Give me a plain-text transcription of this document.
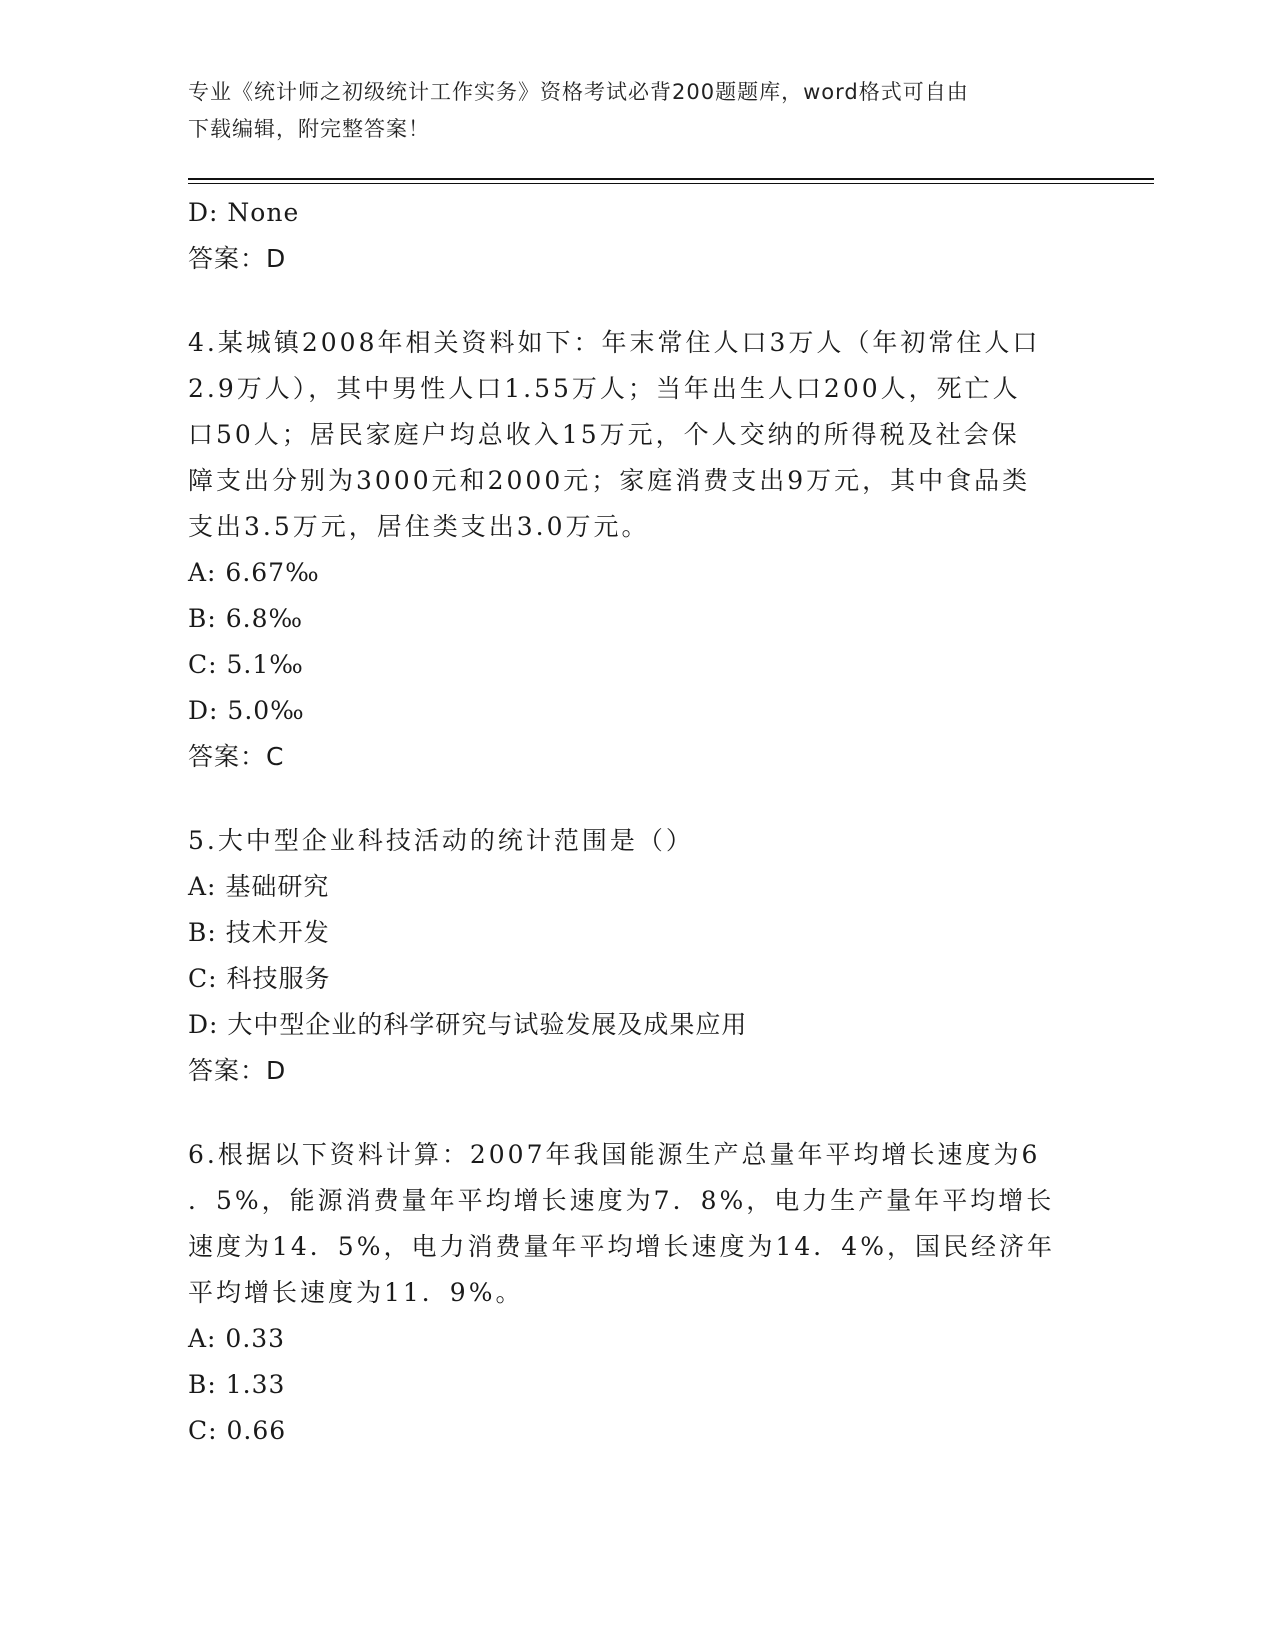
专业《统计师之初级统计工作实务》资格考试必背200题题库，word格式可自由
下载编辑，附完整答案！
D: None
答案：D
4.某城镇2008年相关资料如下：年末常住人口3万人（年初常住人口
2.9万人），其中男性人口1.55万人；当年出生人口200人，死亡人
口50人；居民家庭户均总收入15万元，个人交纳的所得税及社会保
障支出分别为3000元和2000元；家庭消费支出9万元，其中食品类
支出3.5万元，居住类支出3.0万元。
A: 6.67‰
B: 6.8‰
C: 5.1‰
D: 5.0‰
答案：C
5.大中型企业科技活动的统计范围是（）
A: 基础研究
B: 技术开发
C: 科技服务
D: 大中型企业的科学研究与试验发展及成果应用
答案：D
6.根据以下资料计算：2007年我国能源生产总量年平均增长速度为6
．5%，能源消费量年平均增长速度为7．8%，电力生产量年平均增长
速度为14．5%，电力消费量年平均增长速度为14．4%，国民经济年
平均增长速度为11．9%。
A: 0.33
B: 1.33
C: 0.66
